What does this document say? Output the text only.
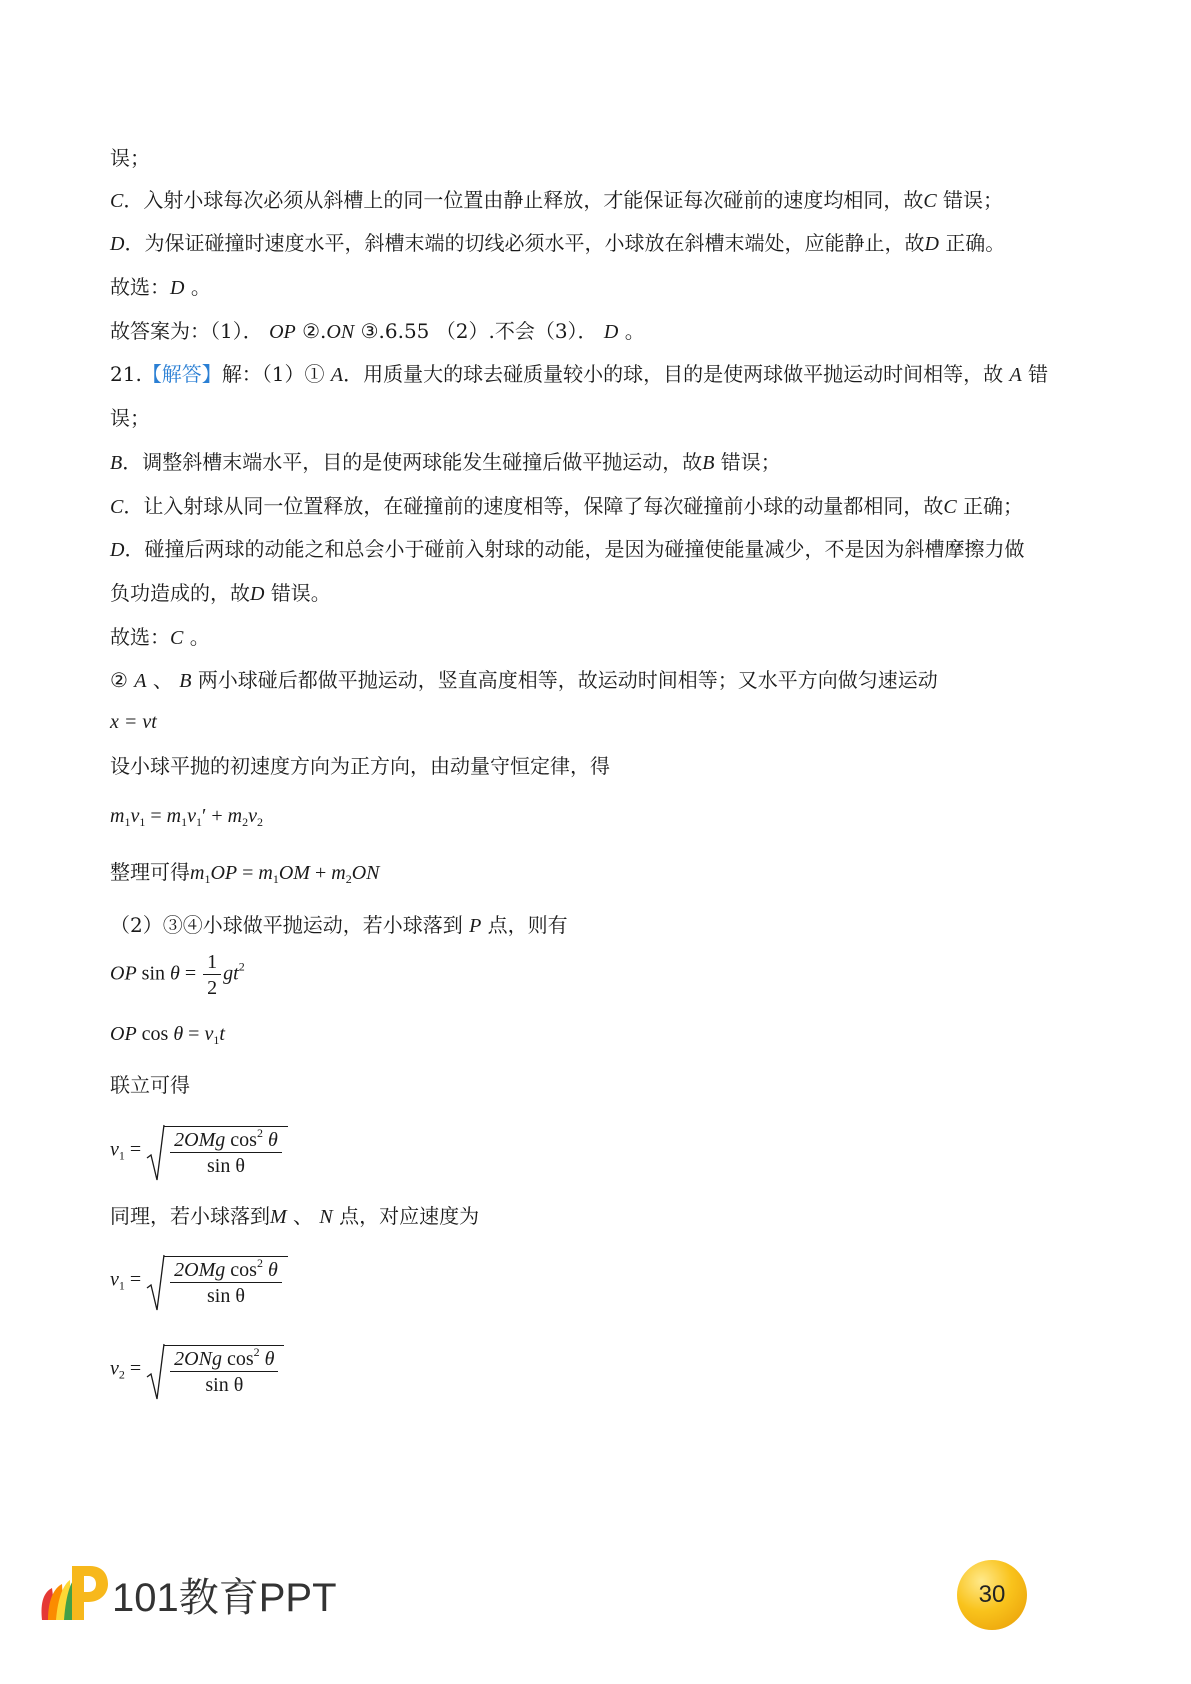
误；
C．入射小球每次必须从斜槽上的同一位置由静止释放，才能保证每次碰前的速度均相同，故C 错误；
D．为保证碰撞时速度水平，斜槽末端的切线必须水平，小球放在斜槽末端处，应能静止，故D 正确。
故选：D 。
故答案为：（1）． OP ②.ON ③.6.55 （2）.不会（3）． D 。
21.【解答】解：（1）① A．用质量大的球去碰质量较小的球，目的是使两球做平抛运动时间相等，故 A 错
误；
B．调整斜槽末端水平，目的是使两球能发生碰撞后做平抛运动，故B 错误；
C．让入射球从同一位置释放，在碰撞前的速度相等，保障了每次碰撞前小球的动量都相同，故C 正确；
D．碰撞后两球的动能之和总会小于碰前入射球的动能，是因为碰撞使能量减少，不是因为斜槽摩擦力做
负功造成的，故D 错误。
故选：C 。
② A 、 B 两小球碰后都做平抛运动，竖直高度相等，故运动时间相等；又水平方向做匀速运动
x = vt
设小球平抛的初速度方向为正方向，由动量守恒定律，得
$m_1v_1 = m_1v_1' + m_2v_2$
整理可得$m_1OP = m_1OM + m_2ON$
（2）③④小球做平抛运动，若小球落到 P 点，则有
OP $\sin \theta = \frac{1}{2} gt^2$
OP $\cos \theta = v_1t$
联立可得
$v_1 = \frac{2OMg \cos^2 \theta}{\text{sin θ}}$
同理，若小球落到M 、 N 点，对应速度为
$v_1 = \frac{2OMg \cos^2 \theta}{\text{sin θ}}$
$v_2 = \frac{2ONg \cos^2 \theta}{\text{sin θ}}$
101教育PPT	30
